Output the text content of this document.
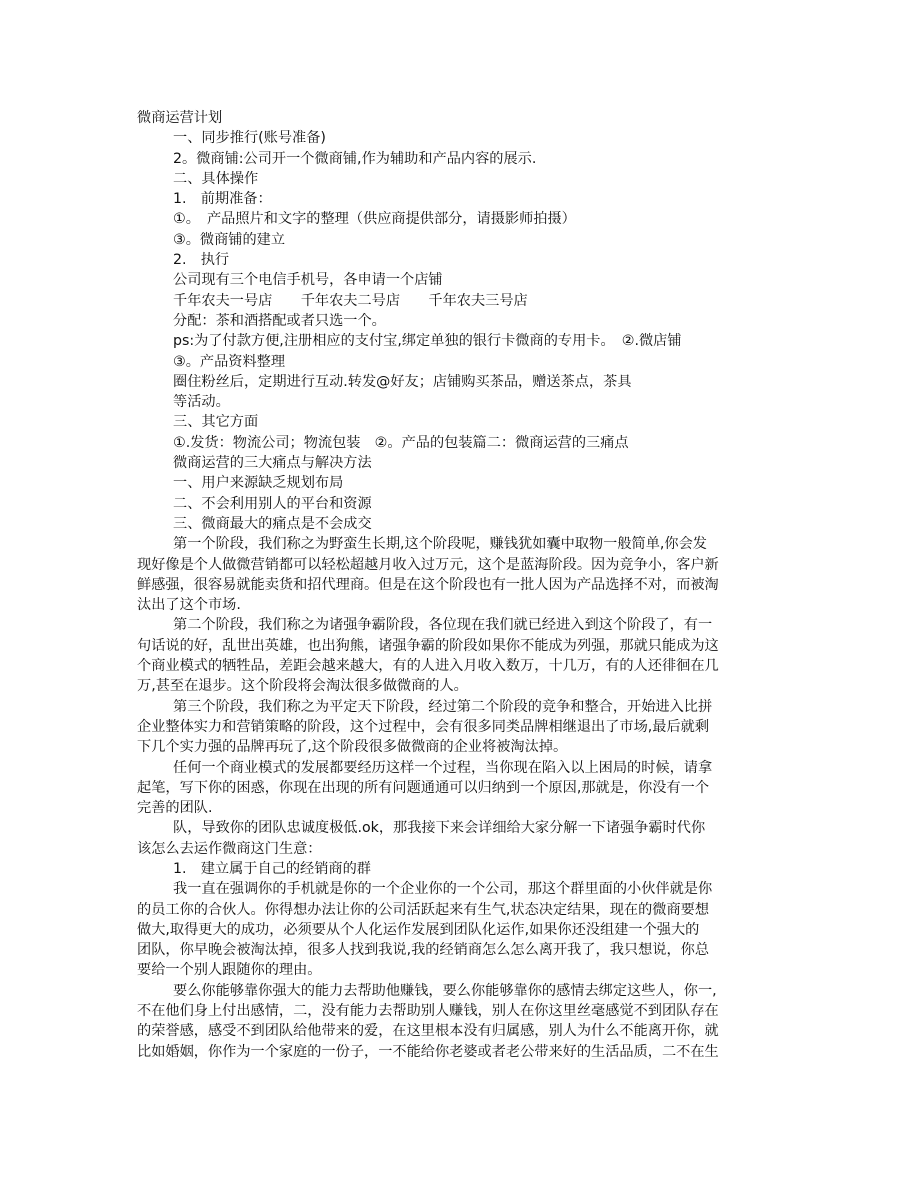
微商运营计划
一、同步推行(账号准备)
2。微商铺:公司开一个微商铺,作为辅助和产品内容的展示.
二、具体操作
1.　前期准备：
①。　产品照片和文字的整理（供应商提供部分，请摄影师拍摄）
③。微商铺的建立
2.　执行
公司现有三个电信手机号，各申请一个店铺
千年农夫一号店　　千年农夫二号店　　千年农夫三号店
分配：茶和酒搭配或者只选一个。
ps:为了付款方便,注册相应的支付宝,绑定单独的银行卡微商的专用卡。　②.微店铺
③。产品资料整理
圈住粉丝后，定期进行互动.转发@好友；店铺购买茶品，赠送茶点，茶具
等活动。
三、其它方面
①.发货：物流公司；物流包装　②。产品的包装篇二：微商运营的三痛点
微商运营的三大痛点与解决方法
一、用户来源缺乏规划布局
二、不会利用别人的平台和资源
三、微商最大的痛点是不会成交
第一个阶段，我们称之为野蛮生长期,这个阶段呢，赚钱犹如囊中取物一般简单,你会发
现好像是个人做微营销都可以轻松超越月收入过万元，这个是蓝海阶段。因为竞争小，客户新
鲜感强，很容易就能卖货和招代理商。但是在这个阶段也有一批人因为产品选择不对，而被淘
汰出了这个市场.
第二个阶段，我们称之为诸强争霸阶段，各位现在我们就已经进入到这个阶段了，有一
句话说的好，乱世出英雄，也出狗熊，诸强争霸的阶段如果你不能成为列强，那就只能成为这
个商业模式的牺牲品，差距会越来越大，有的人进入月收入数万，十几万，有的人还徘徊在几
万,甚至在退步。这个阶段将会淘汰很多做微商的人。
第三个阶段，我们称之为平定天下阶段，经过第二个阶段的竞争和整合，开始进入比拼
企业整体实力和营销策略的阶段，这个过程中，会有很多同类品牌相继退出了市场,最后就剩
下几个实力强的品牌再玩了,这个阶段很多做微商的企业将被淘汰掉。
任何一个商业模式的发展都要经历这样一个过程，当你现在陷入以上困局的时候，请拿
起笔，写下你的困惑，你现在出现的所有问题通通可以归纳到一个原因,那就是，你没有一个
完善的团队.
队，导致你的团队忠诚度极低.ok，那我接下来会详细给大家分解一下诸强争霸时代你
该怎么去运作微商这门生意：
1.　建立属于自己的经销商的群
我一直在强调你的手机就是你的一个企业你的一个公司，那这个群里面的小伙伴就是你
的员工你的合伙人。你得想办法让你的公司活跃起来有生气,状态决定结果，现在的微商要想
做大,取得更大的成功，必须要从个人化运作发展到团队化运作,如果你还没组建一个强大的
团队，你早晚会被淘汰掉，很多人找到我说,我的经销商怎么怎么离开我了，我只想说，你总
要给一个别人跟随你的理由。
要么你能够靠你强大的能力去帮助他赚钱，要么你能够靠你的感情去绑定这些人，你一,
不在他们身上付出感情，二，没有能力去帮助别人赚钱，别人在你这里丝毫感觉不到团队存在
的荣誉感，感受不到团队给他带来的爱，在这里根本没有归属感，别人为什么不能离开你，就
比如婚姻，你作为一个家庭的一份子，一不能给你老婆或者老公带来好的生活品质，二不在生
